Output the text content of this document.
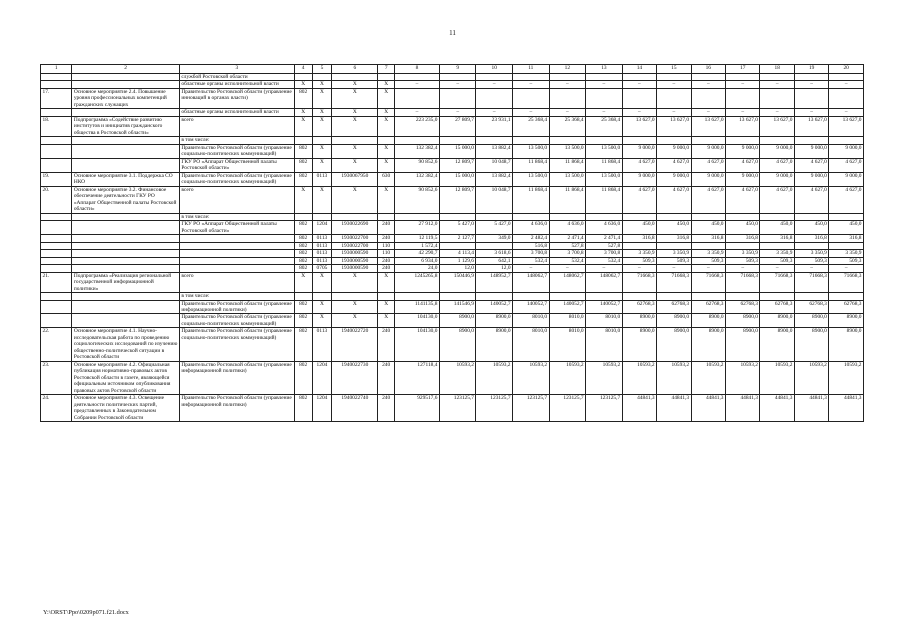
11
1	2	3	4	5	6	7	8	9	10	11	12	13	14	15	16	17	18	19	20
		службой Ростовской области																	
		областные органы исполнительной власти	X	X	X	X	–	–	–	–	–	–	–	–	–	–	–	–	–
17.	Основное мероприятие 2.4. Повышение уровня профессиональных компетенций гражданских служащих	Правительство Ростовской области (управление инноваций в органах власти)	802	X	X	X													
		областные органы исполнительной власти	X	X	X	X	–	–	–	–	–	–	–	–	–	–	–	–	–
18.	Подпрограмма «Содействие развитию институтов и инициатив гражданского общества в Ростовской области»	всего	X	X	X	X	223 235,0	27 809,7	23 931,1	25 368,4	25 368,4	25 368,4	13 627,0	13 627,0	13 627,0	13 627,0	13 627,0	13 627,0	13 627,0
		в том числе:																	
		Правительство Ростовской области (управление социально-политических коммуникаций)	802	X	X	X	132 382,4	15 000,0	13 882,4	13 500,0	13 500,0	13 500,0	9 000,0	9 000,0	9 000,0	9 000,0	9 000,0	9 000,0	9 000,0
		ГКУ РО «Аппарат Общественной палаты Ростовской области»	802	X	X	X	90 852,6	12 809,7	10 048,7	11 868,4	11 868,4	11 868,4	4 627,0	4 627,0	4 627,0	4 627,0	4 627,0	4 627,0	4 627,0
19.	Основное мероприятие 3.1. Поддержка СО НКО	Правительство Ростовской области (управление социально-политических коммуникаций)	802	0113	1930067950	630	132 382,4	15 000,0	13 882,4	13 500,0	13 500,0	13 500,0	9 000,0	9 000,0	9 000,0	9 000,0	9 000,0	9 000,0	9 000,0
20.	Основное мероприятие 3.2. Финансовое обеспечение деятельности ГКУ РО «Аппарат Общественной палаты Ростовской области»	всего	X	X	X	X	90 852,6	12 809,7	10 048,7	11 868,4	11 868,4	11 868,4	4 627,0	4 627,0	4 627,0	4 627,0	4 627,0	4 627,0	4 627,0
		в том числе:																	
		ГКУ РО «Аппарат Общественной палаты Ростовской области»	802	1204	1930022690	240	27 912,0	5 427,0	5 427,0	4 636,0	4 636,0	4 636,0	450,0	450,0	450,0	450,0	450,0	450,0	450,0
			802	0113	1930022700	240	12 119,5	2 127,7	349,0	2 482,4	2 471,4	2 471,4	316,8	316,8	316,8	316,8	316,8	316,8	316,8
			802	0113	1930022700	110	1 572,4			516,8	527,8	527,8							
			802	0113	1930000590	110	42 290,7	4 113,4	3 618,6	3 700,8	3 700,8	3 700,8	3 350,9	3 350,9	3 350,9	3 350,9	3 350,9	3 350,9	3 350,9
			802	0113	1930000590	240	6 934,0	1 129,6	642,1	532,4	532,4	532,4	509,3	509,3	509,3	509,3	509,3	509,3	509,3
			802	0705	1930000590	240	24,0	12,0	12,0	–	–	–	–	–	–	–	–	–	–
21.	Подпрограмма «Реализация региональной государственной информационной политики»	всего	X	X	X	X	1245265,8	150446,9	148952,7	148062,7	148062,7	148062,7	71668,3	71668,3	71668,3	71668,3	71668,3	71668,3	71668,3
		в том числе:																	
		Правительство Ростовской области (управление информационной политики)	802	X	X	X	1141135,8	141546,9	140052,7	140052,7	140052,7	140052,7	62768,3	62768,3	62768,3	62768,3	62768,3	62768,3	62768,3
		Правительство Ростовской области (управление социально-политических коммуникаций)	802	X	X	X	104130,0	8900,0	8900,0	8010,0	8010,0	8010,0	8900,0	8900,0	8900,0	8900,0	8900,0	8900,0	8900,0
22.	Основное мероприятие 4.1. Научно-исследовательская работа по проведению социологических исследований по изучению общественно-политической ситуации в Ростовской области	Правительство Ростовской области (управление социально-политических коммуникаций)	802	0113	1940022720	240	104130,0	8900,0	8900,0	8010,0	8010,0	8010,0	8900,0	8900,0	8900,0	8900,0	8900,0	8900,0	8900,0
23.	Основное мероприятие 4.2. Официальная публикация нормативно-правовых актов Ростовской области в газете, являющейся официальным источником опубликования правовых актов Ростовской области	Правительство Ростовской области (управление информационной политики)	802	1204	1940022730	240	127118,4	10593,2	10593,2	10593,2	10593,2	10593,2	10593,2	10593,2	10593,2	10593,2	10593,2	10593,2	10593,2
24.	Основное мероприятие 4.3. Освещение деятельности политических партий, представленных в Законодательном Собрании Ростовской области	Правительство Ростовской области (управление информационной политики)	802	1204	1940022740	240	929517,6	123125,7	123125,7	123125,7	123125,7	123125,7	44841,3	44841,3	44841,3	44841,3	44841,3	44841,3	44841,3
Y:\ORST\Ppo\0209p071.f21.docx
